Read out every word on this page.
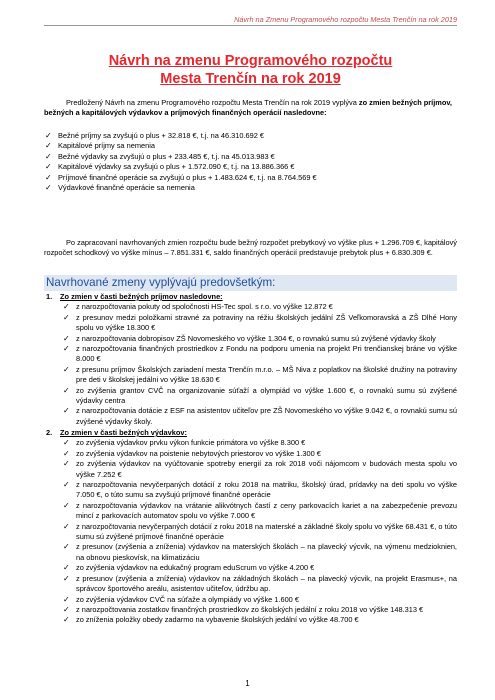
Návrh na Zmenu Programového rozpočtu Mesta Trenčín na rok 2019
Návrh na zmenu Programového rozpočtu
Mesta Trenčín na rok 2019
Predložený Návrh na zmenu Programového rozpočtu Mesta Trenčín na rok 2019 vyplýva zo zmien bežných príjmov, bežných a kapitálových výdavkov a príjmových finančných operácií nasledovne:
✓ Bežné príjmy sa zvyšujú o plus + 32.818 €, t.j. na 46.310.692 €
✓ Kapitálové príjmy sa nemenia
✓ Bežné výdavky sa zvyšujú o plus + 233.485 €, t.j. na 45.013.983 €
✓ Kapitálové výdavky sa zvyšujú o plus + 1.572.090 €, t.j. na 13.886.366 €
✓ Príjmové finančné operácie sa zvyšujú o plus + 1.483.624 €, t.j. na 8.764.569 €
✓ Výdavkové finančné operácie sa nemenia
Po zapracovaní navrhovaných zmien rozpočtu bude bežný rozpočet prebytkový vo výške plus + 1.296.709 €, kapitálový rozpočet schodkový vo výške mínus – 7.851.331 €, saldo finančných operácií predstavuje prebytok plus + 6.830.309 €.
Navrhované zmeny vyplývajú predovšetkým:
1. Zo zmien v časti bežných príjmov nasledovne:
✓ z narozpočtovania pokuty od spoločnosti HS-Tec spol. s r.o. vo výške 12.872 €
✓ z presunov medzi položkami stravné za potraviny na réžiu školských jedální ZŠ Veľkomoravská a ZŠ Dlhé Hony spolu vo výške 18.300 €
✓ z narozpočtovania dobropisov ZŠ Novomeského vo výške 1.304 €, o rovnakú sumu sú zvýšené výdavky školy
✓ z narozpočtovania finančných prostriedkov z Fondu na podporu umenia na projekt Pri trenčianskej bráne vo výške 8.000 €
✓ z presunu príjmov Školských zariadení mesta Trenčín m.r.o. – MŠ Niva z poplatkov na školské družiny na potraviny pre deti v školskej jedálni vo výške 18.630 €
✓ zo zvýšenia grantov CVČ na organizovanie súťaží a olympiád vo výške 1.600 €, o rovnakú sumu sú zvýšené výdavky centra
✓ z narozpočtovania dotácie z ESF na asistentov učiteľov pre ZŠ Novomeského vo výške 9.042 €, o rovnakú sumu sú zvýšené výdavky školy.
2. Zo zmien v časti bežných výdavkov:
✓ zo zvýšenia výdavkov prvku výkon funkcie primátora vo výške 8.300 €
✓ zo zvýšenia výdavkov na poistenie nebytových priestorov vo výške 1.300 €
✓ zo zvýšenia výdavkov na vyúčtovanie spotreby energií za rok 2018 voči nájomcom v budovách mesta spolu vo výške 7.252 €
✓ z narozpočtovania nevyčerpaných dotácií z roku 2018 na matriku, školský úrad, prídavky na deti spolu vo výške 7.050 €, o túto sumu sa zvyšujú príjmové finančné operácie
✓ z narozpočtovania výdavkov na vrátanie alikvótnych častí z ceny parkovacích kariet a na zabezpečenie prevozu mincí z parkovacích automatov spolu vo výške 7.000 €
✓ z narozpočtovania nevyčerpaných dotácií z roku 2018 na materské a základné školy spolu vo výške 68.431 €, o túto sumu sú zvýšené príjmové finančné operácie
✓ z presunov (zvýšenia a zníženia) výdavkov na materských školách – na plavecký výcvik, na výmenu medzioknien, na obnovu pieskovísk, na klimatizáciu
✓ zo zvýšenia výdavkov na edukačný program eduScrum vo výške 4.200 €
✓ z presunov (zvýšenia a zníženia) výdavkov na základných školách – na plavecký výcvik, na projekt Erasmus+, na správcov športového areálu, asistentov učiteľov, údržbu ap.
✓ zo zvýšenia výdavkov CVČ na súťaže a olympiády vo výške 1.600 €
✓ z narozpočtovania zostatkov finančných prostriedkov zo školských jedální z roku 2018 vo výške 148.313 €
✓ zo zníženia položky obedy zadarmo na vybavenie školských jedální vo výške 48.700 €
1
